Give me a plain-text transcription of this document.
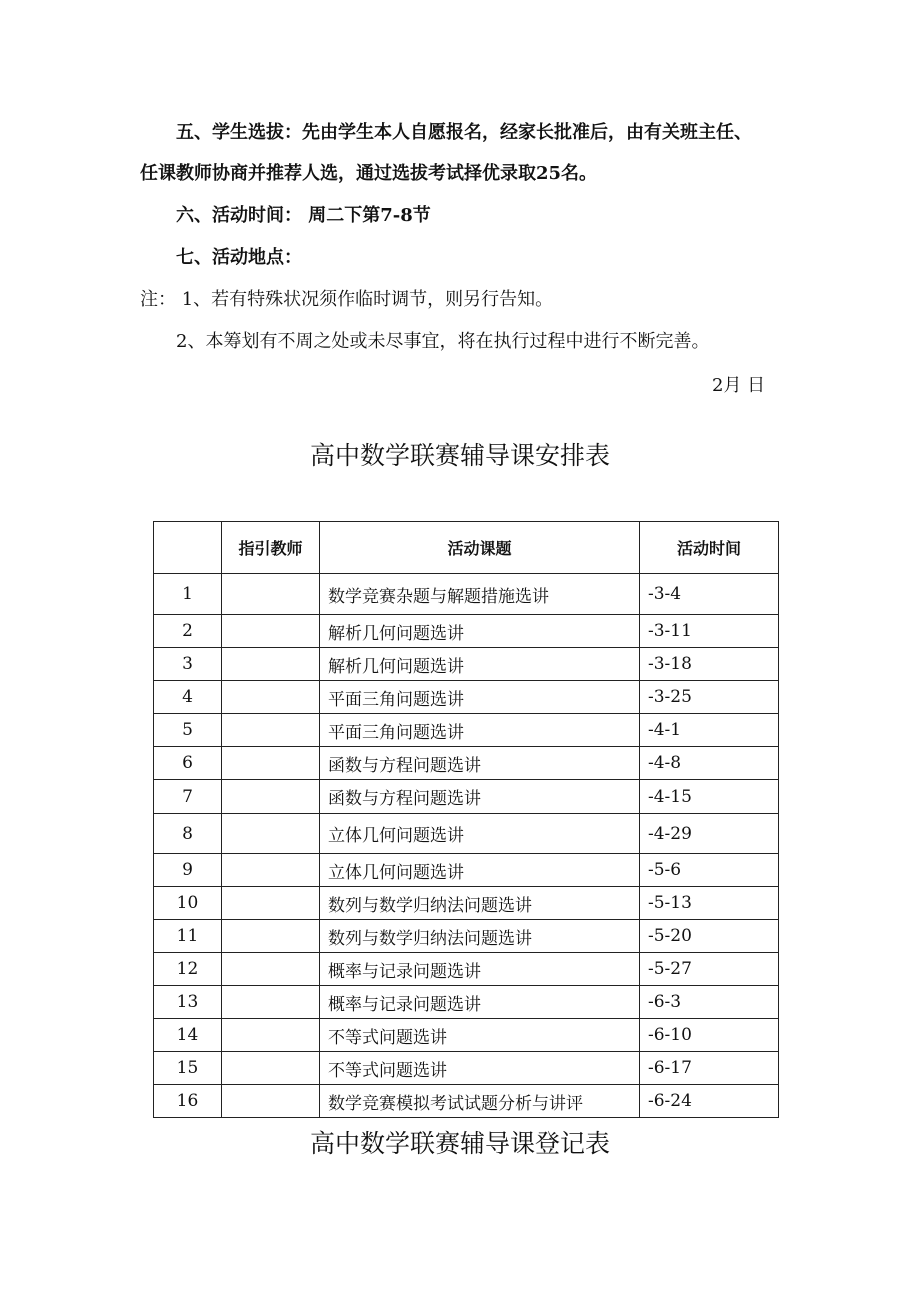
五、学生选拔：先由学生本人自愿报名，经家长批准后，由有关班主任、
任课教师协商并推荐人选，通过选拔考试择优录取25名。
六、活动时间： 周二下第7-8节
七、活动地点：
注： 1、若有特殊状况须作临时调节，则另行告知。
2、本筹划有不周之处或未尽事宜，将在执行过程中进行不断完善。
2月 日
高中数学联赛辅导课安排表
	指引教师	活动课题	活动时间
1		数学竞赛杂题与解题措施选讲	-3-4
2		解析几何问题选讲	-3-11
3		解析几何问题选讲	-3-18
4		平面三角问题选讲	-3-25
5		平面三角问题选讲	-4-1
6		函数与方程问题选讲	-4-8
7		函数与方程问题选讲	-4-15
8		立体几何问题选讲	-4-29
9		立体几何问题选讲	-5-6
10		数列与数学归纳法问题选讲	-5-13
11		数列与数学归纳法问题选讲	-5-20
12		概率与记录问题选讲	-5-27
13		概率与记录问题选讲	-6-3
14		不等式问题选讲	-6-10
15		不等式问题选讲	-6-17
16		数学竞赛模拟考试试题分析与讲评	-6-24
高中数学联赛辅导课登记表
